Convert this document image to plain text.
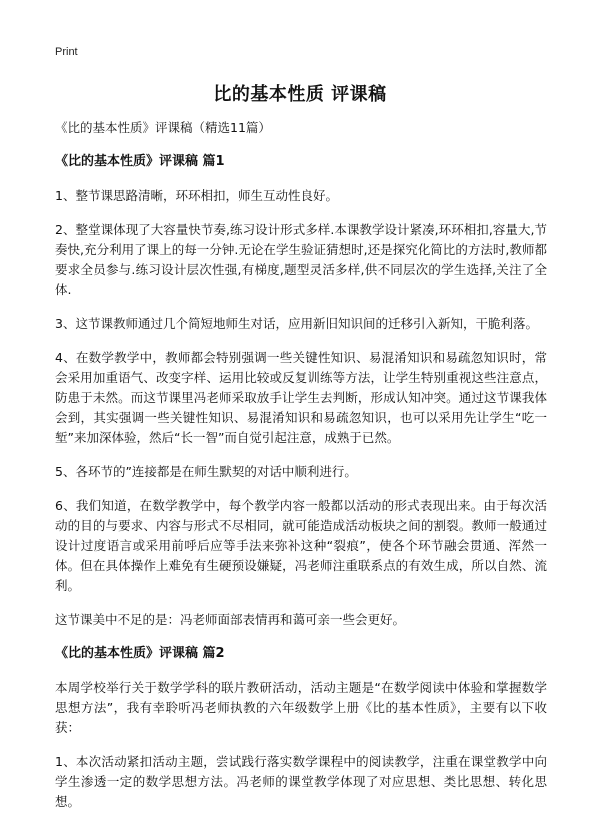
Print
比的基本性质 评课稿

《比的基本性质》评课稿（精选11篇）

《比的基本性质》评课稿 篇1

1、整节课思路清晰，环环相扣，师生互动性良好。

2、整堂课体现了大容量快节奏,练习设计形式多样.本课教学设计紧凑,环环相扣,容量大,节奏快,充分利用了课上的每一分钟.无论在学生验证猜想时,还是探究化简比的方法时,教师都要求全员参与.练习设计层次性强,有梯度,题型灵活多样,供不同层次的学生选择,关注了全体.

3、这节课教师通过几个简短地师生对话，应用新旧知识间的迁移引入新知，干脆利落。

4、在数学教学中，教师都会特别强调一些关键性知识、易混淆知识和易疏忽知识时，常会采用加重语气、改变字样、运用比较或反复训练等方法，让学生特别重视这些注意点，防患于未然。而这节课里冯老师采取放手让学生去判断，形成认知冲突。通过这节课我体会到，其实强调一些关键性知识、易混淆知识和易疏忽知识，也可以采用先让学生“吃一堑”来加深体验，然后“长一智”而自觉引起注意，成熟于已然。

5、各环节的”连接都是在师生默契的对话中顺利进行。

6、我们知道，在数学教学中，每个教学内容一般都以活动的形式表现出来。由于每次活动的目的与要求、内容与形式不尽相同，就可能造成活动板块之间的割裂。教师一般通过设计过度语言或采用前呼后应等手法来弥补这种“裂痕”，使各个环节融会贯通、浑然一体。但在具体操作上难免有生硬预设嫌疑，冯老师注重联系点的有效生成，所以自然、流利。

这节课美中不足的是：冯老师面部表情再和蔼可亲一些会更好。

《比的基本性质》评课稿 篇2

本周学校举行关于数学学科的联片教研活动，活动主题是“在数学阅读中体验和掌握数学思想方法”，我有幸聆听冯老师执教的六年级数学上册《比的基本性质》，主要有以下收获：

1、本次活动紧扣活动主题，尝试践行落实数学课程中的阅读教学，注重在课堂教学中向学生渗透一定的数学思想方法。冯老师的课堂教学体现了对应思想、类比思想、转化思想。
